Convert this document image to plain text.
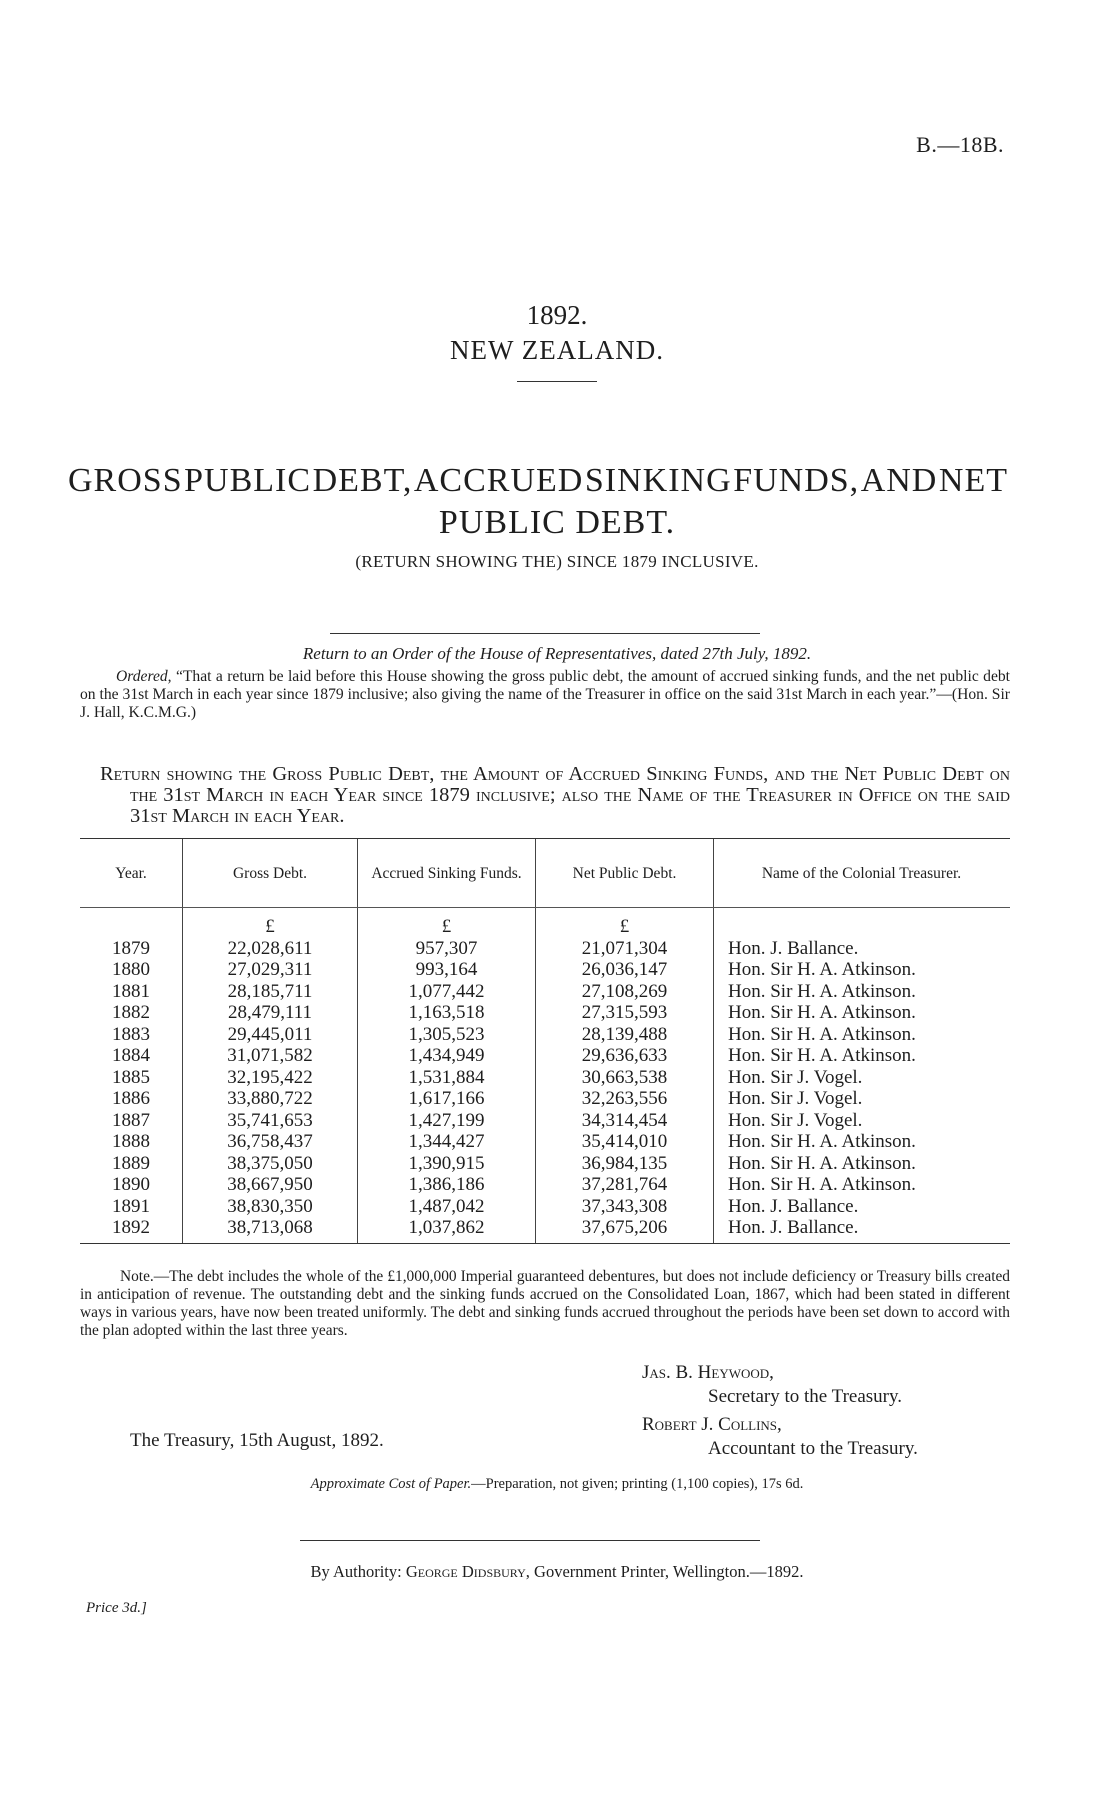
B.—18B.
1892.
NEW ZEALAND.
GROSS PUBLIC DEBT, ACCRUED SINKING FUNDS, AND NET
PUBLIC DEBT.
(RETURN SHOWING THE) SINCE 1879 INCLUSIVE.
Return to an Order of the House of Representatives, dated 27th July, 1892.
Ordered, “That a return be laid before this House showing the gross public debt, the amount of accrued sinking funds, and the net public debt on the 31st March in each year since 1879 inclusive; also giving the name of the Treasurer in office on the said 31st March in each year.”—(Hon. Sir J. Hall, K.C.M.G.)
Return showing the Gross Public Debt, the Amount of Accrued Sinking Funds, and the Net Public Debt on the 31st March in each Year since 1879 inclusive; also the Name of the Treasurer in Office on the said 31st March in each Year.
Year.	Gross Debt.	Accrued Sinking Funds.	Net Public Debt.	Name of the Colonial Treasurer.
	£	£	£	
1879	22,028,611	957,307	21,071,304	Hon. J. Ballance.
1880	27,029,311	993,164	26,036,147	Hon. Sir H. A. Atkinson.
1881	28,185,711	1,077,442	27,108,269	Hon. Sir H. A. Atkinson.
1882	28,479,111	1,163,518	27,315,593	Hon. Sir H. A. Atkinson.
1883	29,445,011	1,305,523	28,139,488	Hon. Sir H. A. Atkinson.
1884	31,071,582	1,434,949	29,636,633	Hon. Sir H. A. Atkinson.
1885	32,195,422	1,531,884	30,663,538	Hon. Sir J. Vogel.
1886	33,880,722	1,617,166	32,263,556	Hon. Sir J. Vogel.
1887	35,741,653	1,427,199	34,314,454	Hon. Sir J. Vogel.
1888	36,758,437	1,344,427	35,414,010	Hon. Sir H. A. Atkinson.
1889	38,375,050	1,390,915	36,984,135	Hon. Sir H. A. Atkinson.
1890	38,667,950	1,386,186	37,281,764	Hon. Sir H. A. Atkinson.
1891	38,830,350	1,487,042	37,343,308	Hon. J. Ballance.
1892	38,713,068	1,037,862	37,675,206	Hon. J. Ballance.
Note.—The debt includes the whole of the £1,000,000 Imperial guaranteed debentures, but does not include deficiency or Treasury bills created in anticipation of revenue. The outstanding debt and the sinking funds accrued on the Consolidated Loan, 1867, which had been stated in different ways in various years, have now been treated uniformly. The debt and sinking funds accrued throughout the periods have been set down to accord with the plan adopted within the last three years.
Jas. B. Heywood,
Secretary to the Treasury.
Robert J. Collins,
Accountant to the Treasury.
The Treasury, 15th August, 1892.
Approximate Cost of Paper.—Preparation, not given; printing (1,100 copies), 17s 6d.
By Authority: George Didsbury, Government Printer, Wellington.—1892.
Price 3d.]
